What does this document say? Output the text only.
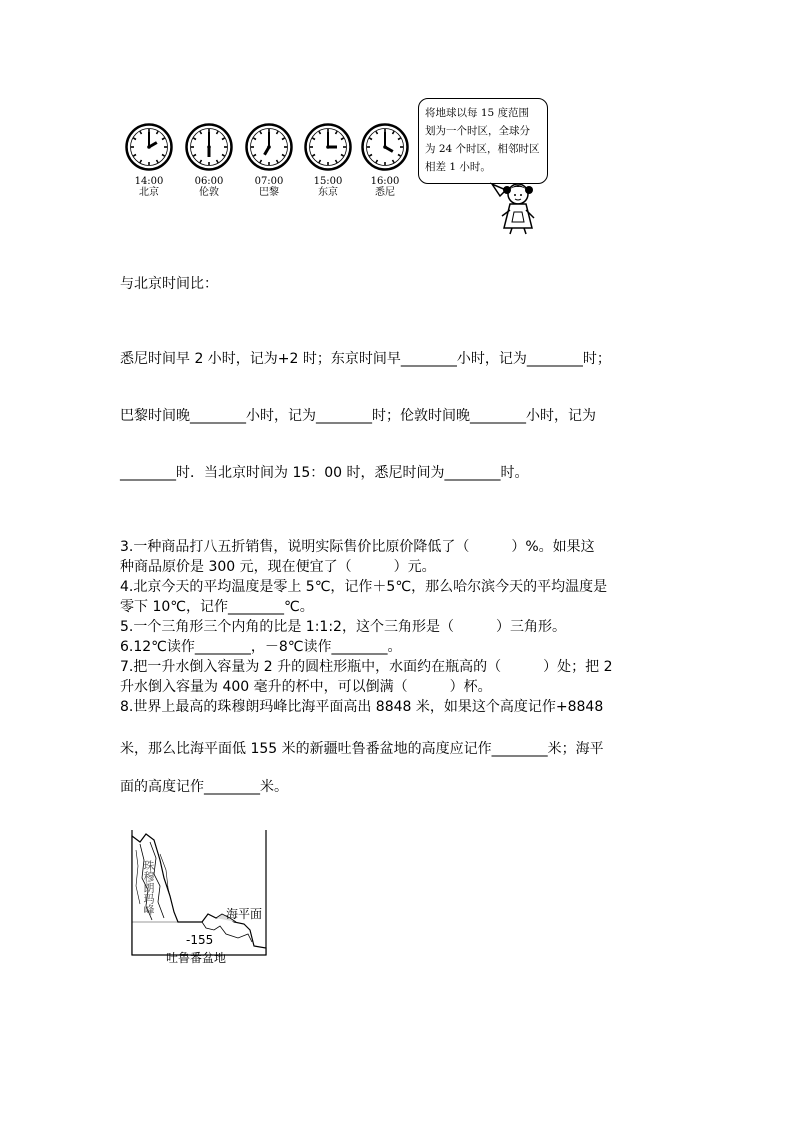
14:00
北京
06:00
伦敦
07:00
巴黎
15:00
东京
16:00
悉尼
将地球以每 15 度范围
划为一个时区，全球分
为 24 个时区，相邻时区
相差 1 小时。
与北京时间比：
悉尼时间早 2 小时，记为+2 时；东京时间早________小时，记为________时；
巴黎时间晚________小时，记为________时；伦敦时间晚________小时，记为
________时．当北京时间为 15：00 时，悉尼时间为________时。
3.一种商品打八五折销售，说明实际售价比原价降低了（　　　）%。如果这
种商品原价是 300 元，现在便宜了（　　　）元。
4.北京今天的平均温度是零上 5℃，记作＋5℃，那么哈尔滨今天的平均温度是
零下 10℃，记作________℃。
5.一个三角形三个内角的比是 1:1:2，这个三角形是（　　　）三角形。
6.12℃读作________，－8℃读作________。
7.把一升水倒入容量为 2 升的圆柱形瓶中，水面约在瓶高的（　　　）处；把 2
升水倒入容量为 400 毫升的杯中，可以倒满（　　　）杯。
8.世界上最高的珠穆朗玛峰比海平面高出 8848 米，如果这个高度记作+8848
米，那么比海平面低 155 米的新疆吐鲁番盆地的高度应记作________米；海平
面的高度记作________米。
珠穆朗玛峰	海平面
-155
吐鲁番盆地
